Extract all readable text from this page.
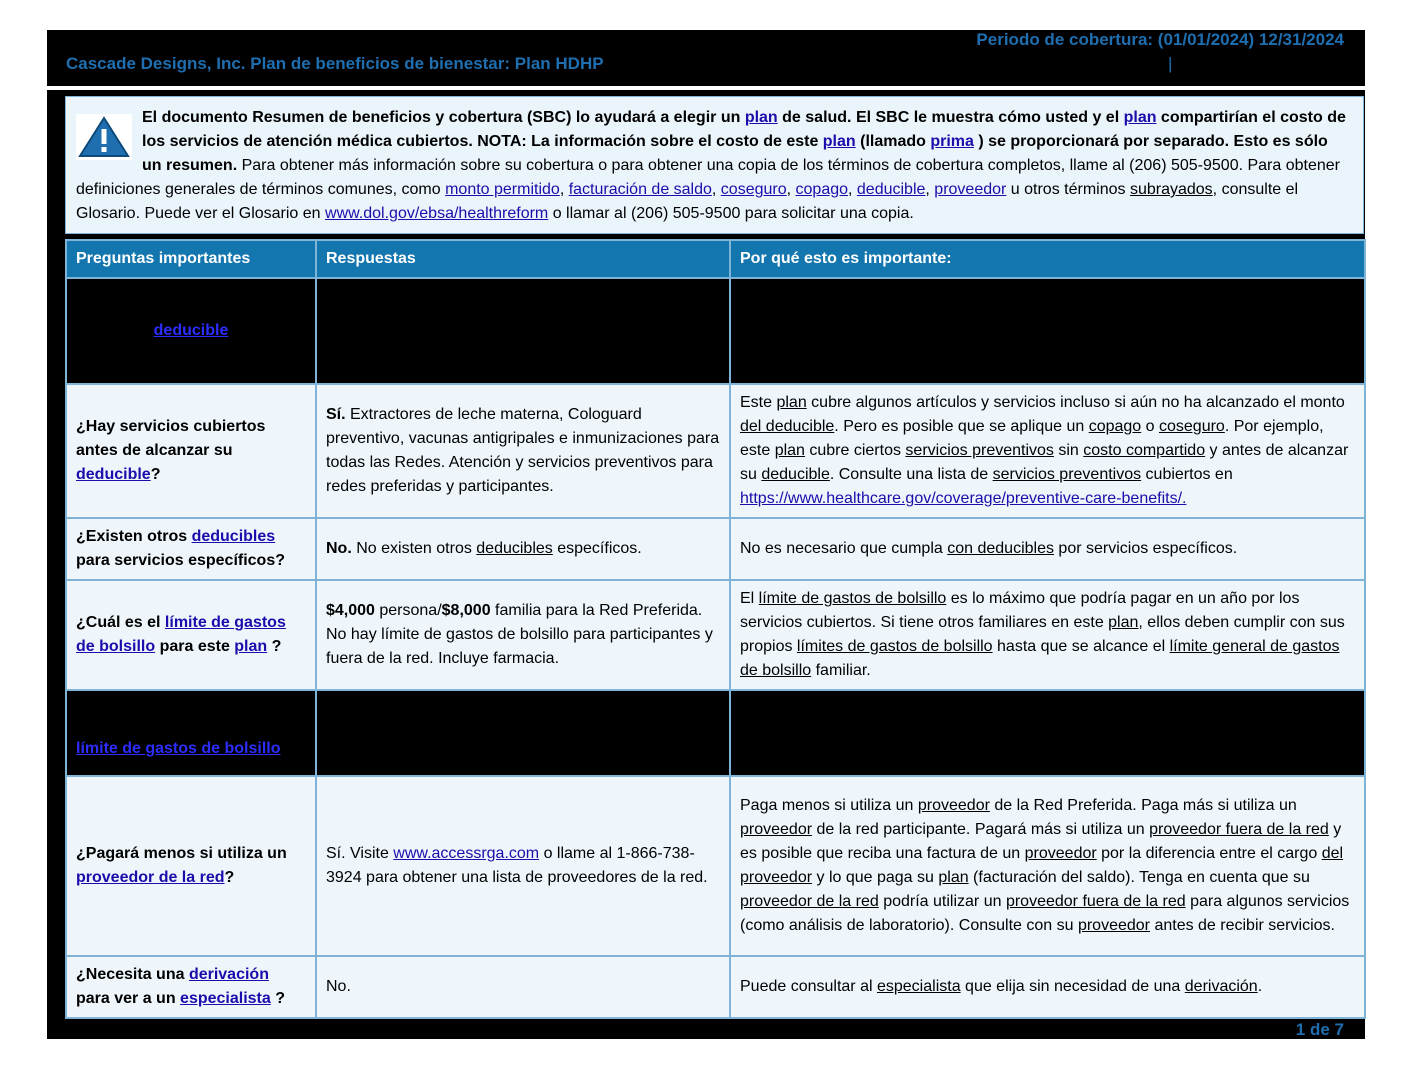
Periodo de cobertura: (01/01/2024) 12/31/2024
Cascade Designs, Inc. Plan de beneficios de bienestar: Plan HDHP	|
El documento Resumen de beneficios y cobertura (SBC) lo ayudará a elegir un plan de salud. El SBC le muestra cómo usted y el plan compartirían el costo de los servicios de atención médica cubiertos. NOTA: La información sobre el costo de este plan (llamado prima ) se proporcionará por separado. Esto es sólo un resumen. Para obtener más información sobre su cobertura o para obtener una copia de los términos de cobertura completos, llame al (206) 505-9500. Para obtener definiciones generales de términos comunes, como monto permitido, facturación de saldo, coseguro, copago, deducible, proveedor u otros términos subrayados, consulte el Glosario. Puede ver el Glosario en www.dol.gov/ebsa/healthreform o llamar al (206) 505-9500 para solicitar una copia.
Preguntas importantes	Respuestas	Por qué esto es importante:
deducible		
¿Hay servicios cubiertos antes de alcanzar su deducible?	Sí. Extractores de leche materna, Cologuard preventivo, vacunas antigripales e inmunizaciones para todas las Redes. Atención y servicios preventivos para redes preferidas y participantes.	Este plan cubre algunos artículos y servicios incluso si aún no ha alcanzado el monto del deducible. Pero es posible que se aplique un copago o coseguro. Por ejemplo, este plan cubre ciertos servicios preventivos sin costo compartido y antes de alcanzar su deducible. Consulte una lista de servicios preventivos cubiertos en https://www.healthcare.gov/coverage/preventive-care-benefits/.
¿Existen otros deducibles para servicios específicos?	No. No existen otros deducibles específicos.	No es necesario que cumpla con deducibles por servicios específicos.
¿Cuál es el límite de gastos de bolsillo para este plan ?	$4,000 persona/$8,000 familia para la Red Preferida. No hay límite de gastos de bolsillo para participantes y fuera de la red. Incluye farmacia.	El límite de gastos de bolsillo es lo máximo que podría pagar en un año por los servicios cubiertos. Si tiene otros familiares en este plan, ellos deben cumplir con sus propios límites de gastos de bolsillo hasta que se alcance el límite general de gastos de bolsillo familiar.
límite de gastos de bolsillo		
¿Pagará menos si utiliza un proveedor de la red?	Sí. Visite www.accessrga.com o llame al 1-866-738-3924 para obtener una lista de proveedores de la red.	Paga menos si utiliza un proveedor de la Red Preferida. Paga más si utiliza un proveedor de la red participante. Pagará más si utiliza un proveedor fuera de la red y es posible que reciba una factura de un proveedor por la diferencia entre el cargo del proveedor y lo que paga su plan (facturación del saldo). Tenga en cuenta que su proveedor de la red podría utilizar un proveedor fuera de la red para algunos servicios (como análisis de laboratorio). Consulte con su proveedor antes de recibir servicios.
¿Necesita una derivación para ver a un especialista ?	No.	Puede consultar al especialista que elija sin necesidad de una derivación.
1 de 7
